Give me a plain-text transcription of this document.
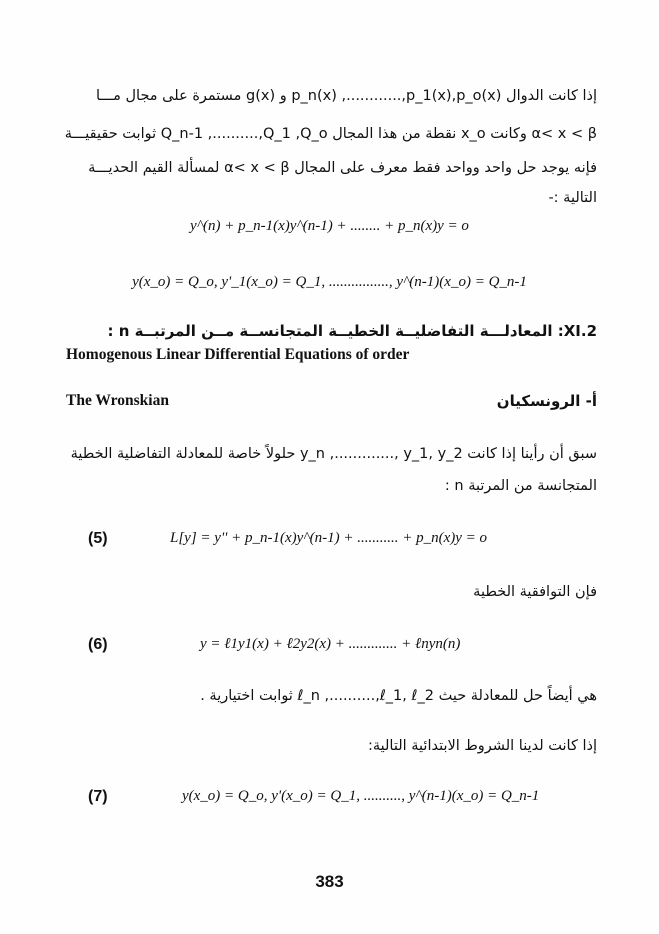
إذا كانت الدوال p_n(x) ,............,p_1(x),p_o(x) و g(x) مستمرة على مجال مـــا
α< x < β وكانت x_o نقطة من هذا المجال Q_n-1 ,..........,Q_1 ,Q_o ثوابت حقيقيـــة
فإنه يوجد حل واحد وواحد فقط معرف على المجال α< x < β لمسألة القيم الحديـــة
التالية :-
y^(n) + p_n-1(x)y^(n-1) + ........ + p_n(x)y = o
y(x_o) = Q_o, y'_1(x_o) = Q_1, ................, y^(n-1)(x_o) = Q_n-1
2.XI: المعادلـــة التفاضليــة الخطيــة المتجانســة مــن المرتبــة n :
Homogenous Linear Differential Equations of order
The Wronskian	أ- الرونسكيان
سبق أن رأينا إذا كانت y_n ,............., y_1, y_2 حلولاً خاصة للمعادلة التفاضلية الخطية
المتجانسة من المرتبة n :
(5)	L[y] = y'' + p_n-1(x)y^(n-1) + ........... + p_n(x)y = o
فإن التوافقية الخطية
(6)	y = ℓ1y1(x) + ℓ2y2(x) + ............. + ℓnyn(n)
هي أيضاً حل للمعادلة حيث ℓ_n ,..........,ℓ_1, ℓ_2 ثوابت اختيارية .
إذا كانت لدينا الشروط الابتدائية التالية:
(7)	y(x_o) = Q_o, y'(x_o) = Q_1, .........., y^(n-1)(x_o) = Q_n-1
383
